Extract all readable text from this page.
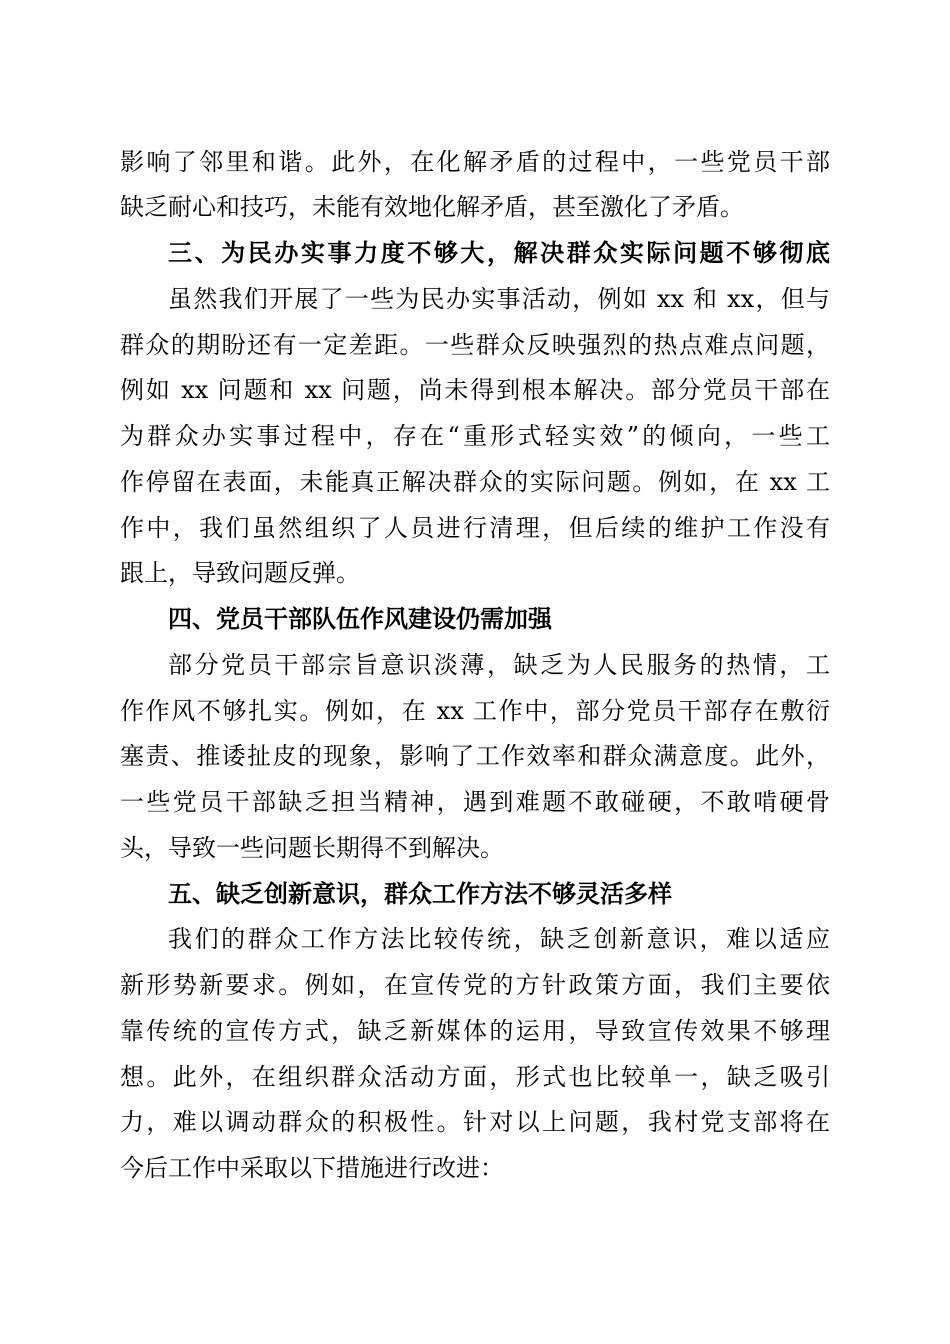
影响了邻里和谐。此外，在化解矛盾的过程中，一些党员干部
缺乏耐心和技巧，未能有效地化解矛盾，甚至激化了矛盾。
三、为民办实事力度不够大，解决群众实际问题不够彻底
虽然我们开展了一些为民办实事活动，例如 xx 和 xx，但与
群众的期盼还有一定差距。一些群众反映强烈的热点难点问题，
例如 xx 问题和 xx 问题，尚未得到根本解决。部分党员干部在
为群众办实事过程中，存在“重形式轻实效”的倾向，一些工
作停留在表面，未能真正解决群众的实际问题。例如，在 xx 工
作中，我们虽然组织了人员进行清理，但后续的维护工作没有
跟上，导致问题反弹。
四、党员干部队伍作风建设仍需加强
部分党员干部宗旨意识淡薄，缺乏为人民服务的热情，工
作作风不够扎实。例如，在 xx 工作中，部分党员干部存在敷衍
塞责、推诿扯皮的现象，影响了工作效率和群众满意度。此外，
一些党员干部缺乏担当精神，遇到难题不敢碰硬，不敢啃硬骨
头，导致一些问题长期得不到解决。
五、缺乏创新意识，群众工作方法不够灵活多样
我们的群众工作方法比较传统，缺乏创新意识，难以适应
新形势新要求。例如，在宣传党的方针政策方面，我们主要依
靠传统的宣传方式，缺乏新媒体的运用，导致宣传效果不够理
想。此外，在组织群众活动方面，形式也比较单一，缺乏吸引
力，难以调动群众的积极性。针对以上问题，我村党支部将在
今后工作中采取以下措施进行改进：
